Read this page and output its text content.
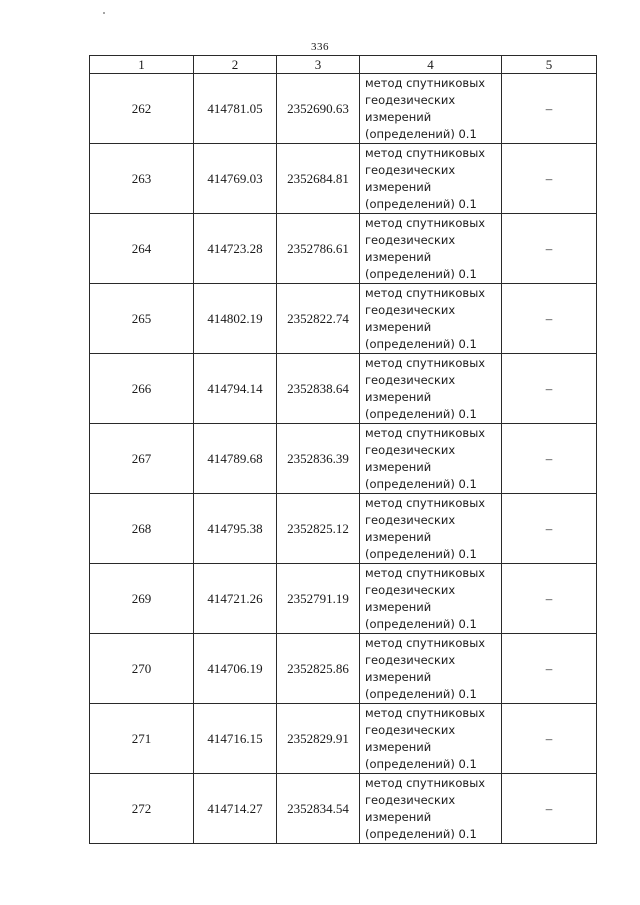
336
1	2	3	4	5
262	414781.05	2352690.63	метод спутниковых
геодезических
измерений
(определений) 0.1	–
263	414769.03	2352684.81	метод спутниковых
геодезических
измерений
(определений) 0.1	–
264	414723.28	2352786.61	метод спутниковых
геодезических
измерений
(определений) 0.1	–
265	414802.19	2352822.74	метод спутниковых
геодезических
измерений
(определений) 0.1	–
266	414794.14	2352838.64	метод спутниковых
геодезических
измерений
(определений) 0.1	–
267	414789.68	2352836.39	метод спутниковых
геодезических
измерений
(определений) 0.1	–
268	414795.38	2352825.12	метод спутниковых
геодезических
измерений
(определений) 0.1	–
269	414721.26	2352791.19	метод спутниковых
геодезических
измерений
(определений) 0.1	–
270	414706.19	2352825.86	метод спутниковых
геодезических
измерений
(определений) 0.1	–
271	414716.15	2352829.91	метод спутниковых
геодезических
измерений
(определений) 0.1	–
272	414714.27	2352834.54	метод спутниковых
геодезических
измерений
(определений) 0.1	–
